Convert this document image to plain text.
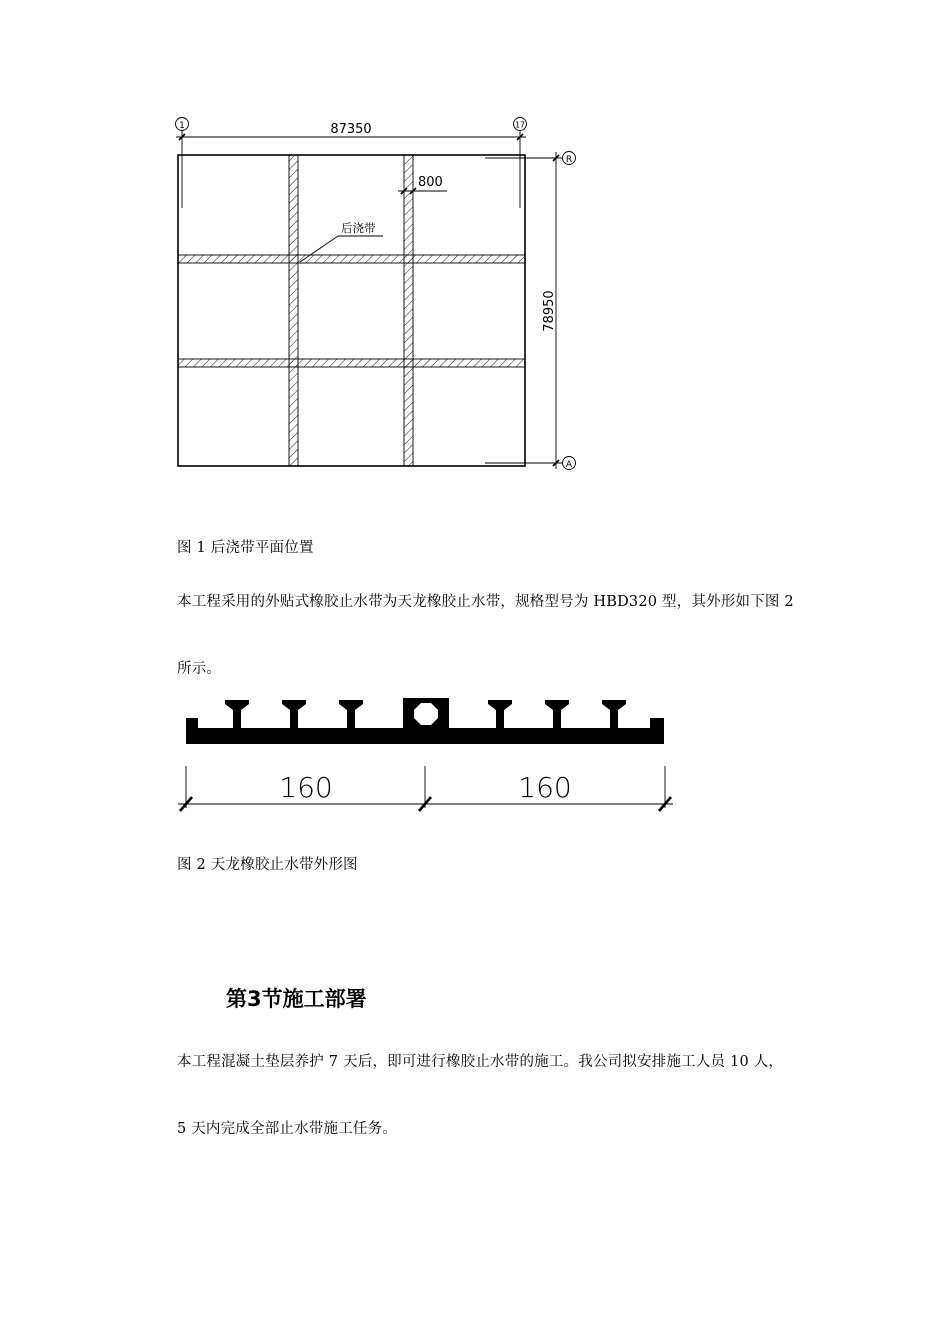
1	17
87350
800
后浇带
78950
R
A
图 1 后浇带平面位置
本工程采用的外贴式橡胶止水带为天龙橡胶止水带，规格型号为 HBD320 型，其外形如下图 2
所示。
160	160
图 2 天龙橡胶止水带外形图
第3节施工部署
本工程混凝土垫层养护 7 天后，即可进行橡胶止水带的施工。我公司拟安排施工人员 10 人，
5 天内完成全部止水带施工任务。
